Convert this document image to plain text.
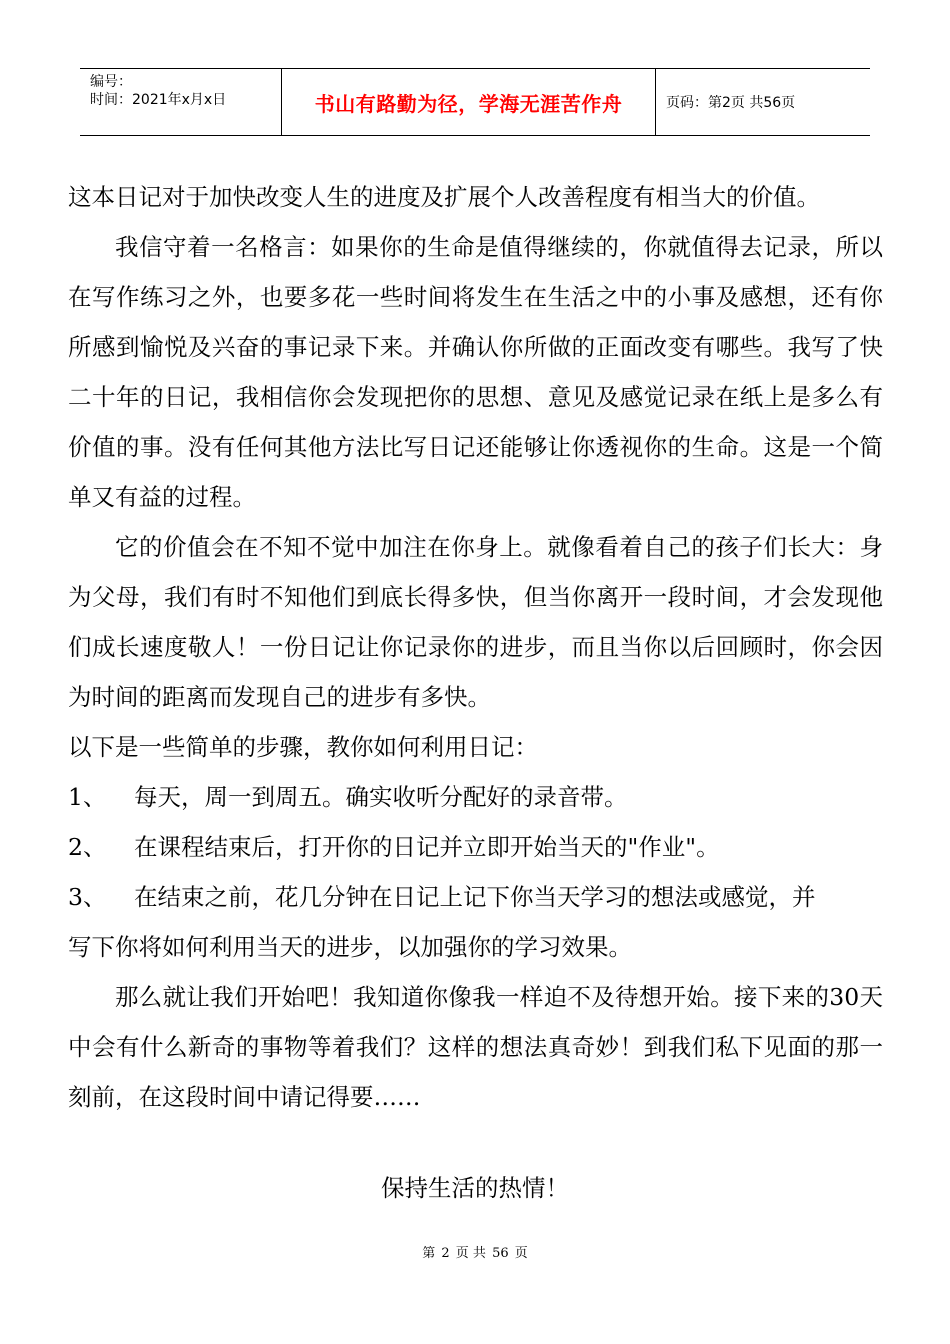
编号：
时间：2021年x月x日	书山有路勤为径，学海无涯苦作舟	页码：第2页 共56页

这本日记对于加快改变人生的进度及扩展个人改善程度有相当大的价值。

我信守着一名格言：如果你的生命是值得继续的，你就值得去记录，所以在写作练习之外，也要多花一些时间将发生在生活之中的小事及感想，还有你所感到愉悦及兴奋的事记录下来。并确认你所做的正面改变有哪些。我写了快二十年的日记，我相信你会发现把你的思想、意见及感觉记录在纸上是多么有价值的事。没有任何其他方法比写日记还能够让你透视你的生命。这是一个简单又有益的过程。

它的价值会在不知不觉中加注在你身上。就像看着自己的孩子们长大：身为父母，我们有时不知他们到底长得多快，但当你离开一段时间，才会发现他们成长速度敬人！一份日记让你记录你的进步，而且当你以后回顾时，你会因为时间的距离而发现自己的进步有多快。

以下是一些简单的步骤，教你如何利用日记：

1、	每天，周一到周五。确实收听分配好的录音带。
2、	在课程结束后，打开你的日记并立即开始当天的"作业"。
3、	在结束之前，花几分钟在日记上记下你当天学习的想法或感觉，并

写下你将如何利用当天的进步，以加强你的学习效果。

那么就让我们开始吧！我知道你像我一样迫不及待想开始。接下来的30天中会有什么新奇的事物等着我们？这样的想法真奇妙！到我们私下见面的那一刻前，在这段时间中请记得要……

保持生活的热情！
第 2 页 共 56 页
